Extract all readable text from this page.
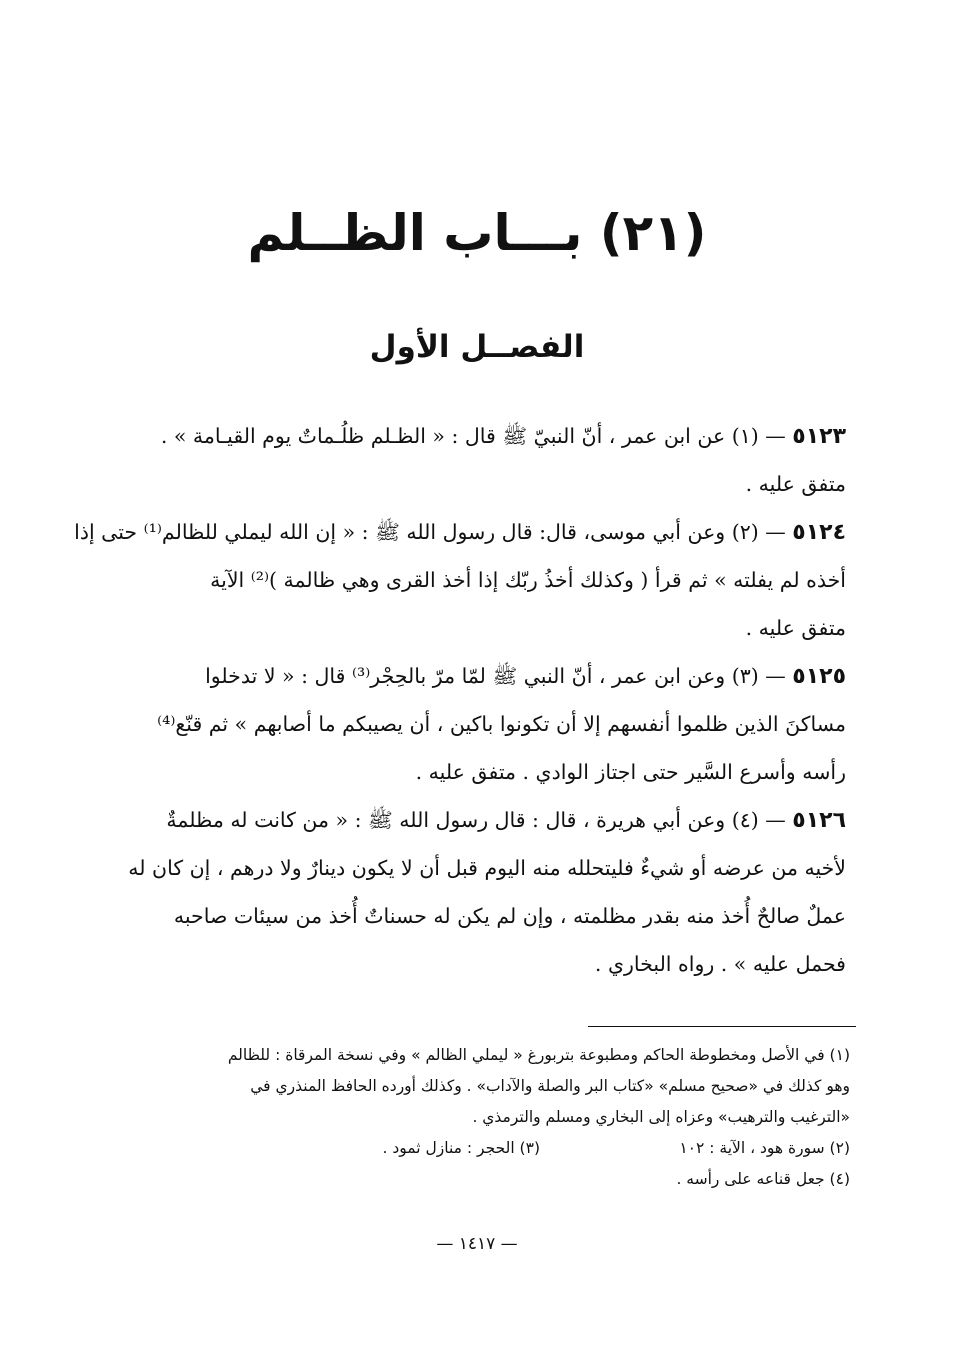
(٢١) بـــاب الظــلم
الفصــل الأول
٥١٢٣ — (١) عن ابن عمر ، أنّ النبيّ ﷺ قال : « الظـلم ظلُـماتٌ يوم القيـامة » .
متفق عليه .
٥١٢٤ — (٢) وعن أبي موسى، قال: قال رسول الله ﷺ : « إن الله ليملي للظالم⁽¹⁾ حتى إذا
أخذه لم يفلته » ثم قرأ ( وكذلك أخذُ ربّك إذا أخذ القرى وهي ظالمة )⁽²⁾ الآية
متفق عليه .
٥١٢٥ — (٣) وعن ابن عمر ، أنّ النبي ﷺ لمّا مرّ بالحِجْر⁽³⁾ قال : « لا تدخلوا
مساكنَ الذين ظلموا أنفسهم إلا أن تكونوا باكين ، أن يصيبكم ما أصابهم » ثم قنّع⁽⁴⁾
رأسه وأسرع السَّير حتى اجتاز الوادي . متفق عليه .
٥١٢٦ — (٤) وعن أبي هريرة ، قال : قال رسول الله ﷺ : « من كانت له مظلمةٌ
لأخيه من عرضه أو شيءٌ فليتحلله منه اليوم قبل أن لا يكون دينارٌ ولا درهم ، إن كان له
عملٌ صالحٌ أُخذ منه بقدر مظلمته ، وإن لم يكن له حسناتٌ أُخذ من سيئات صاحبه
فحمل عليه » . رواه البخاري .
(١) في الأصل ومخطوطة الحاكم ومطبوعة بتربورغ « ليملي الظالم » وفي نسخة المرقاة : للظالم
وهو كذلك في «صحيح مسلم» «كتاب البر والصلة والآداب» . وكذلك أورده الحافظ المنذري في
«الترغيب والترهيب» وعزاه إلى البخاري ومسلم والترمذي .
(٢) سورة هود ، الآية : ١٠٢
(٣) الحجر : منازل ثمود .
(٤) جعل قناعه على رأسه .
— ١٤١٧ —
